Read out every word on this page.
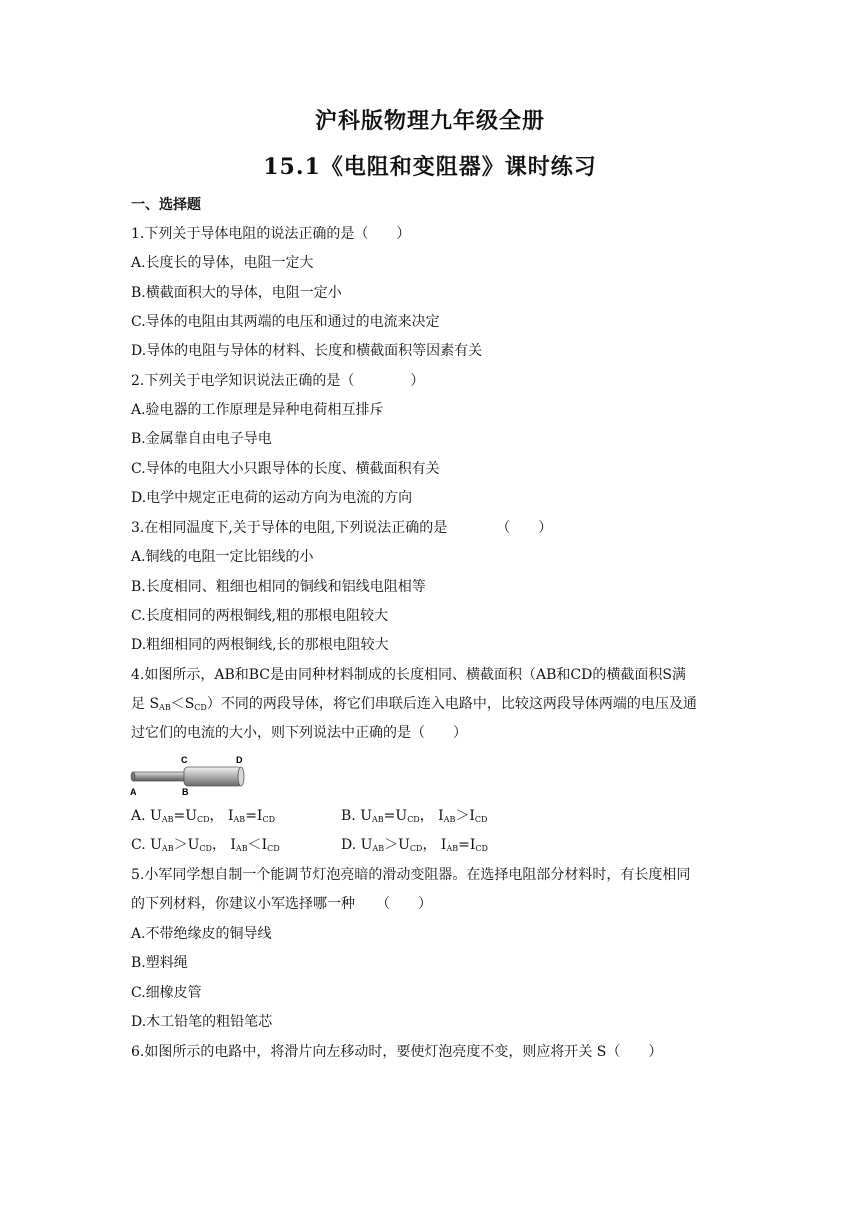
沪科版物理九年级全册
15.1《电阻和变阻器》课时练习
一、选择题
1.下列关于导体电阻的说法正确的是（　　）
A.长度长的导体，电阻一定大
B.横截面积大的导体，电阻一定小
C.导体的电阻由其两端的电压和通过的电流来决定
D.导体的电阻与导体的材料、长度和横截面积等因素有关
2.下列关于电学知识说法正确的是（　　　　）
A.验电器的工作原理是异种电荷相互排斥
B.金属靠自由电子导电
C.导体的电阻大小只跟导体的长度、横截面积有关
D.电学中规定正电荷的运动方向为电流的方向
3.在相同温度下,关于导体的电阻,下列说法正确的是　　　　（　　）
A.铜线的电阻一定比铝线的小
B.长度相同、粗细也相同的铜线和铝线电阻相等
C.长度相同的两根铜线,粗的那根电阻较大
D.粗细相同的两根铜线,长的那根电阻较大
4.如图所示，AB和BC是由同种材料制成的长度相同、横截面积（AB和CD的横截面积S满
足 $S_{AB}<S_{CD}$）不同的两段导体，将它们串联后连入电路中，比较这两段导体两端的电压及通
过它们的电流的大小，则下列说法中正确的是（　　）
C	D
A	B
A. $U_{AB}=U_{CD}$， $I_{AB}=I_{CD}$	B. $U_{AB}=U_{CD}$， $I_{AB}>I_{CD}$
C. $U_{AB}>U_{CD}$， $I_{AB}<I_{CD}$	D. $U_{AB}>U_{CD}$， $I_{AB}=I_{CD}$
5.小军同学想自制一个能调节灯泡亮暗的滑动变阻器。在选择电阻部分材料时，有长度相同
的下列材料，你建议小军选择哪一种　　（　　）
A.不带绝缘皮的铜导线
B.塑料绳
C.细橡皮管
D.木工铅笔的粗铅笔芯
6.如图所示的电路中，将滑片向左移动时，要使灯泡亮度不变，则应将开关 S（　　）
